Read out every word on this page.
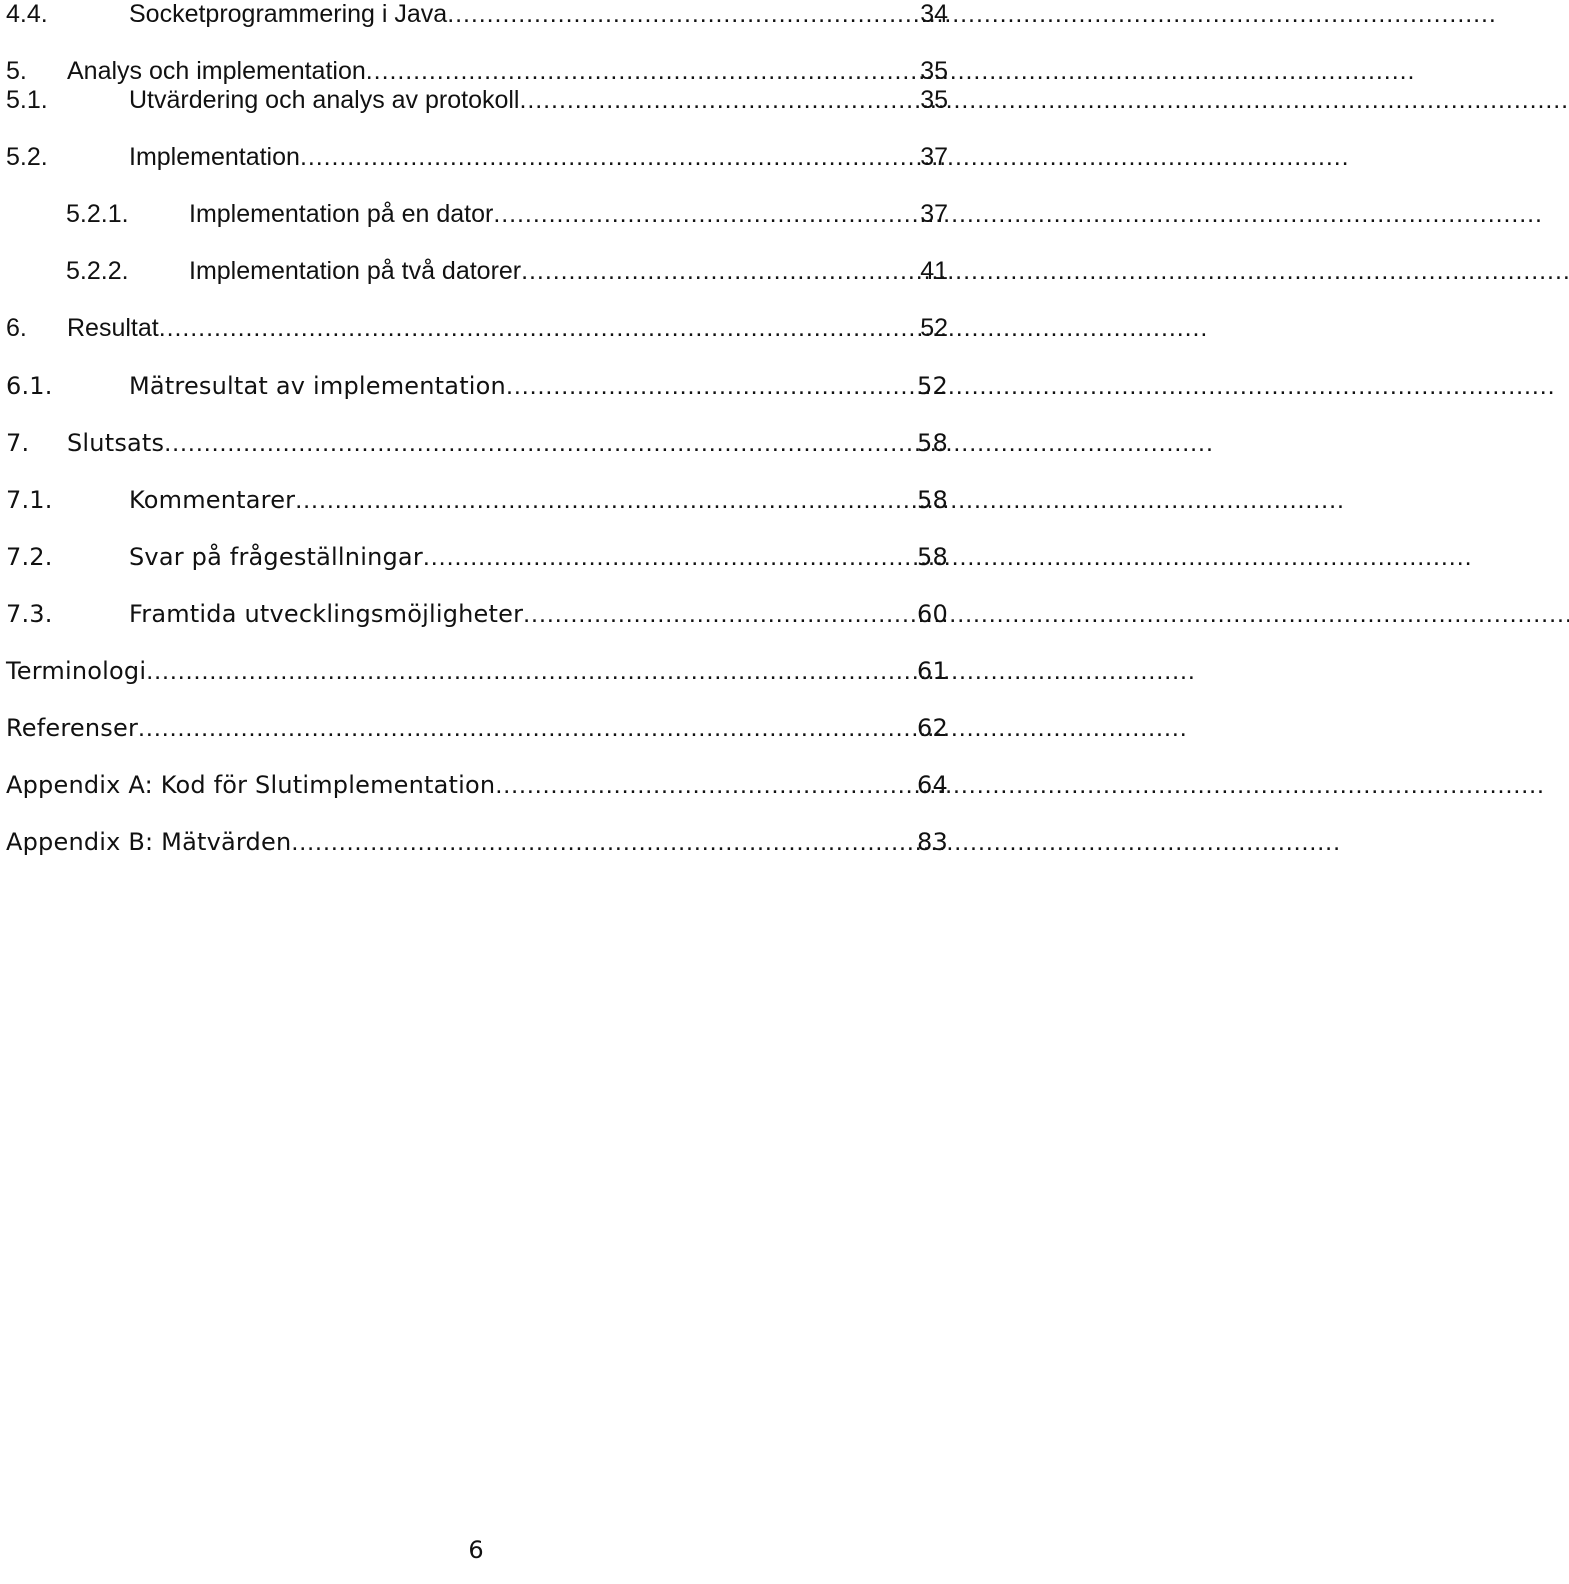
4.4.	Socketprogrammering i Java . . .	34
5.	Analys och implementation . . .	35
5.1.	Utvärdering och analys av protokoll . . .	35
5.2.	Implementation . . .	37
5.2.1.	Implementation på en dator . . .	37
5.2.2.	Implementation på två datorer . . .	41
6.	Resultat . . .	52
6.1.	Mätresultat av implementation . . .	52
7.	Slutsats . . .	58
7.1.	Kommentarer . . .	58
7.2.	Svar på frågeställningar . . .	58
7.3.	Framtida utvecklingsmöjligheter . . .	60
Terminologi . . .	61
Referenser . . .	62
Appendix A: Kod för Slutimplementation . . .	64
Appendix B: Mätvärden . . .	83
6
